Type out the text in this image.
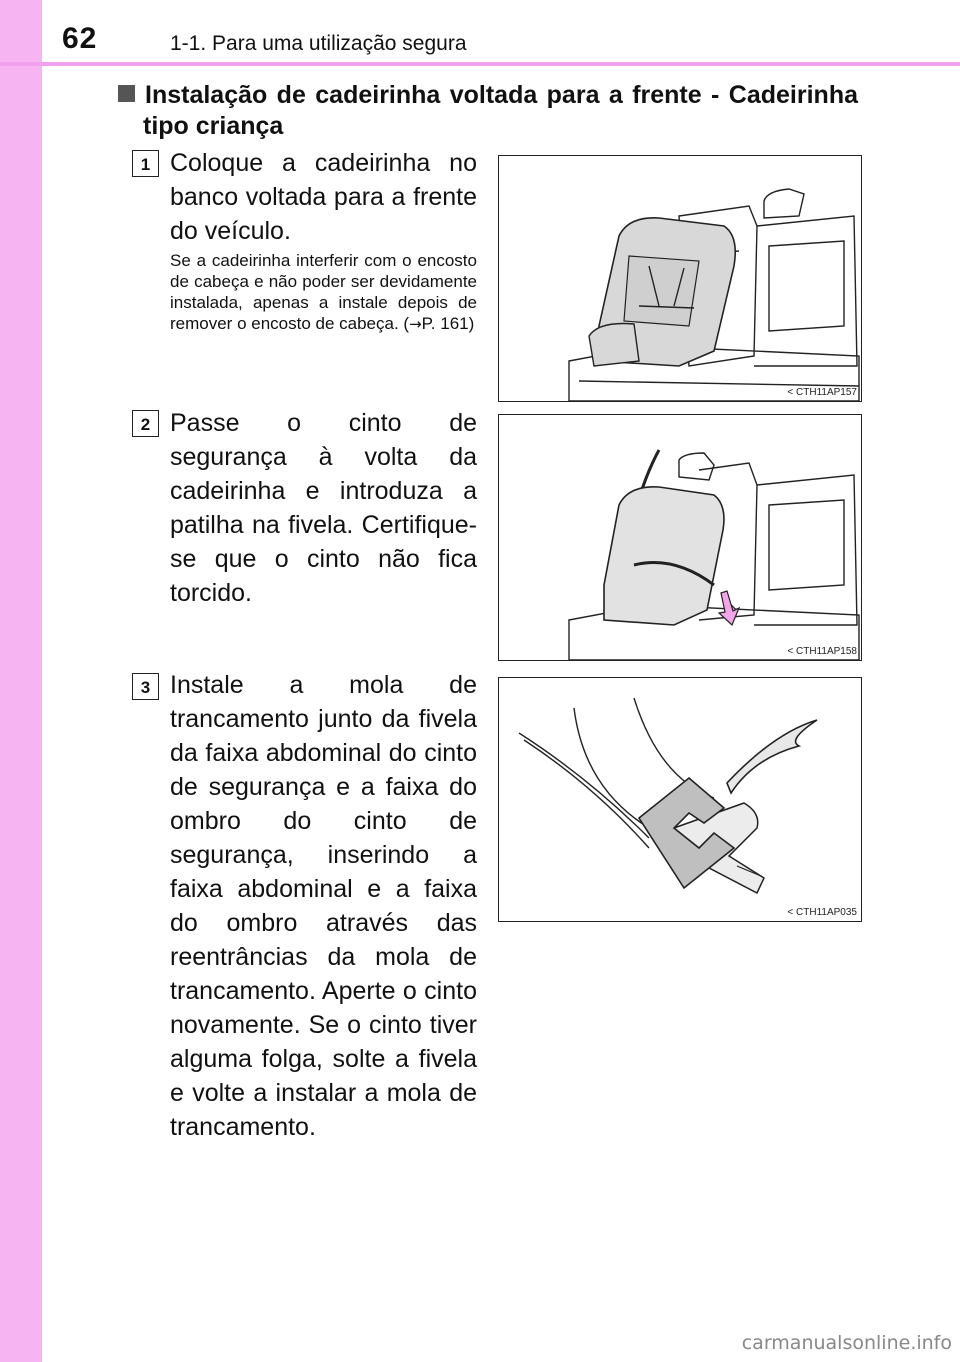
62	1-1. Para uma utilização segura
Instalação de cadeirinha voltada para a frente - Cadeirinha
tipo criança
1 Coloque a cadeirinha no banco voltada para a frente do veículo.

Se a cadeirinha interferir com o encosto de cabeça e não poder ser devidamente instalada, apenas a instale depois de remover o encosto de cabeça. (→P. 161)
< CTH11AP157
2 Passe o cinto de segurança à volta da cadeirinha e introduza a patilha na fivela. Certifique-se que o cinto não fica torcido.

< CTH11AP158
3 Instale a mola de trancamento junto da fivela da faixa abdominal do cinto de segurança e a faixa do ombro do cinto de segurança, inserindo a faixa abdominal e a faixa do ombro através das reentrâncias da mola de trancamento. Aperte o cinto novamente. Se o cinto tiver alguma folga, solte a fivela e volte a instalar a mola de trancamento.

< CTH11AP035
carmanualsonline.info
